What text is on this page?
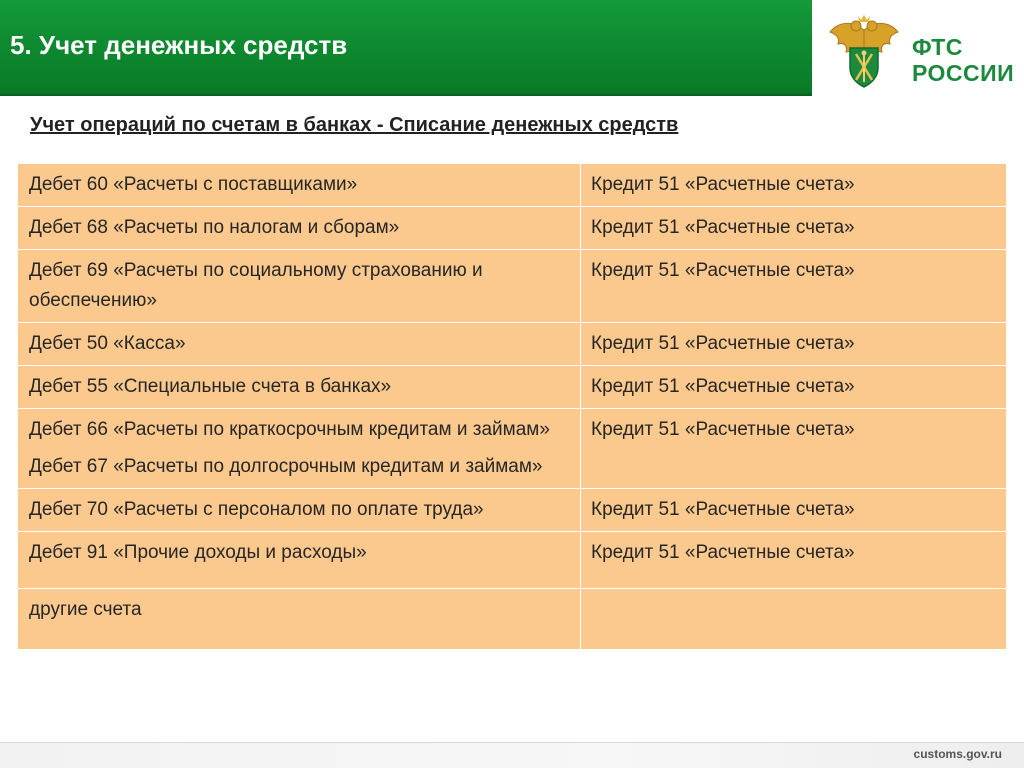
5. Учет денежных средств	ФТС
РОССИИ
Учет операций по счетам в банках - Списание денежных средств
Дебет 60 «Расчеты с поставщиками»	Кредит 51 «Расчетные счета»

Дебет 68 «Расчеты по налогам и сборам»	Кредит 51 «Расчетные счета»

Дебет 69 «Расчеты по социальному страхованию и обеспечению»	Кредит 51 «Расчетные счета»

Дебет 50 «Касса»	Кредит 51 «Расчетные счета»

Дебет 55 «Специальные счета в банках»	Кредит 51 «Расчетные счета»

Дебет 66 «Расчеты по краткосрочным кредитам и займам»
Дебет 67 «Расчеты по долгосрочным кредитам и займам»	Кредит 51 «Расчетные счета»

Дебет 70 «Расчеты с персоналом по оплате труда»	Кредит 51 «Расчетные счета»

Дебет 91 «Прочие доходы и расходы»	Кредит 51 «Расчетные счета»

другие счета	

customs.gov.ru
